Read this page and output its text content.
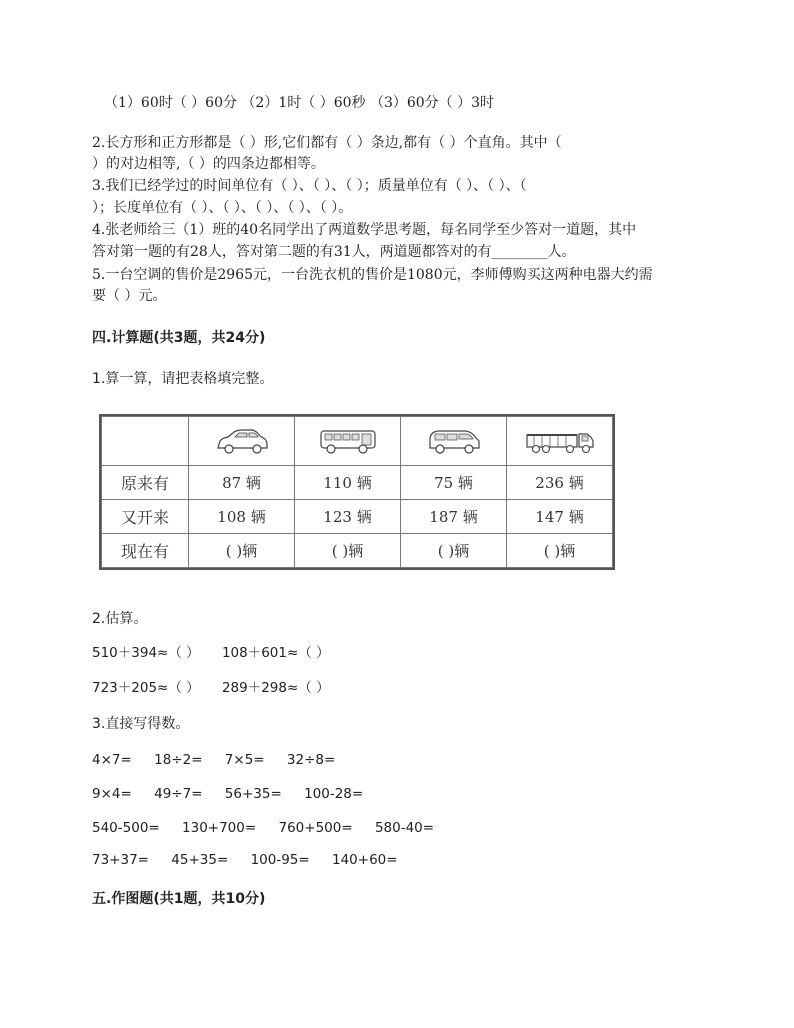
（1）60时（ ）60分 （2）1时（ ）60秒 （3）60分（ ）3时
2.长方形和正方形都是（ ）形,它们都有（ ）条边,都有（ ）个直角。其中（
）的对边相等,（ ）的四条边都相等。
3.我们已经学过的时间单位有（ ）、（ ）、（ ）；质量单位有（ ）、（ ）、（
）；长度单位有（ ）、（ ）、（ ）、（ ）、（ ）。
4.张老师给三（1）班的40名同学出了两道数学思考题，每名同学至少答对一道题，其中
答对第一题的有28人，答对第二题的有31人，两道题都答对的有________人。
5.一台空调的售价是2965元，一台洗衣机的售价是1080元，李师傅购买这两种电器大约需
要（ ）元。
四.计算题(共3题，共24分)
1.算一算，请把表格填完整。

原来有	87 辆	110 辆	75 辆	236 辆
又开来	108 辆	123 辆	187 辆	147 辆
现在有	( )辆	( )辆	( )辆	( )辆
2.估算。
510＋394≈（ ） 108＋601≈（ ）
723＋205≈（ ） 289＋298≈（ ）
3.直接写得数。
4×7= 18÷2= 7×5= 32÷8=
9×4= 49÷7= 56+35= 100-28=
540-500= 130+700= 760+500= 580-40=
73+37= 45+35= 100-95= 140+60=
五.作图题(共1题，共10分)
